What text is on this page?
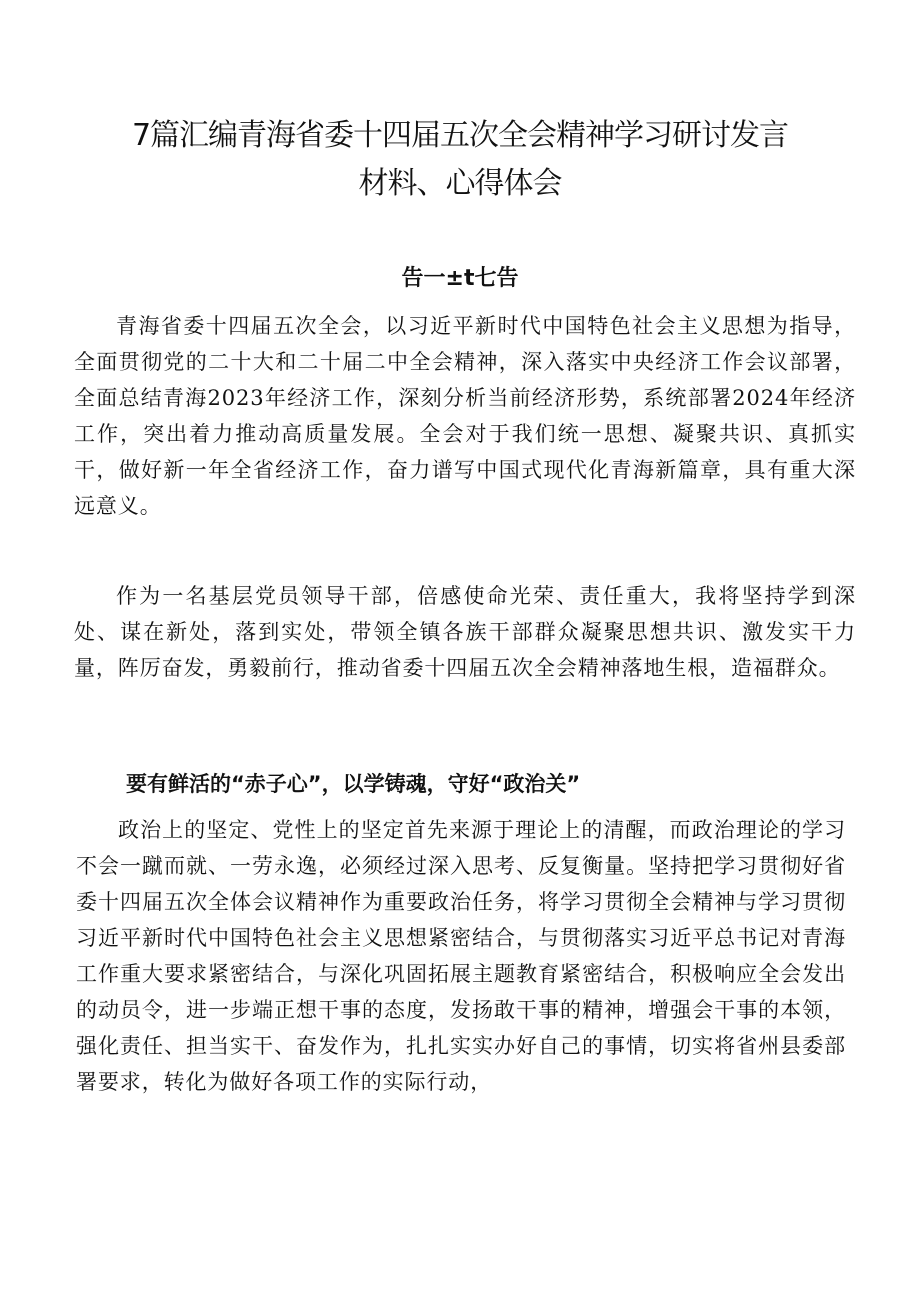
7篇汇编青海省委十四届五次全会精神学习研讨发言
材料、心得体会
告一±t七告

青海省委十四届五次全会，以习近平新时代中国特色社会主义思想为指导，全面贯彻党的二十大和二十届二中全会精神，深入落实中央经济工作会议部署，全面总结青海2023年经济工作，深刻分析当前经济形势，系统部署2024年经济工作，突出着力推动高质量发展。全会对于我们统一思想、凝聚共识、真抓实干，做好新一年全省经济工作，奋力谱写中国式现代化青海新篇章，具有重大深远意义。

作为一名基层党员领导干部，倍感使命光荣、责任重大，我将坚持学到深处、谋在新处，落到实处，带领全镇各族干部群众凝聚思想共识、激发实干力量，阵厉奋发，勇毅前行，推动省委十四届五次全会精神落地生根，造福群众。

要有鲜活的“赤子心”，以学铸魂，守好“政治关”

政治上的坚定、党性上的坚定首先来源于理论上的清醒，而政治理论的学习不会一蹴而就、一劳永逸，必须经过深入思考、反复衡量。坚持把学习贯彻好省委十四届五次全体会议精神作为重要政治任务，将学习贯彻全会精神与学习贯彻习近平新时代中国特色社会主义思想紧密结合，与贯彻落实习近平总书记对青海工作重大要求紧密结合，与深化巩固拓展主题教育紧密结合，积极响应全会发出的动员令，进一步端正想干事的态度，发扬敢干事的精神，增强会干事的本领，强化责任、担当实干、奋发作为，扎扎实实办好自己的事情，切实将省州县委部署要求，转化为做好各项工作的实际行动，
